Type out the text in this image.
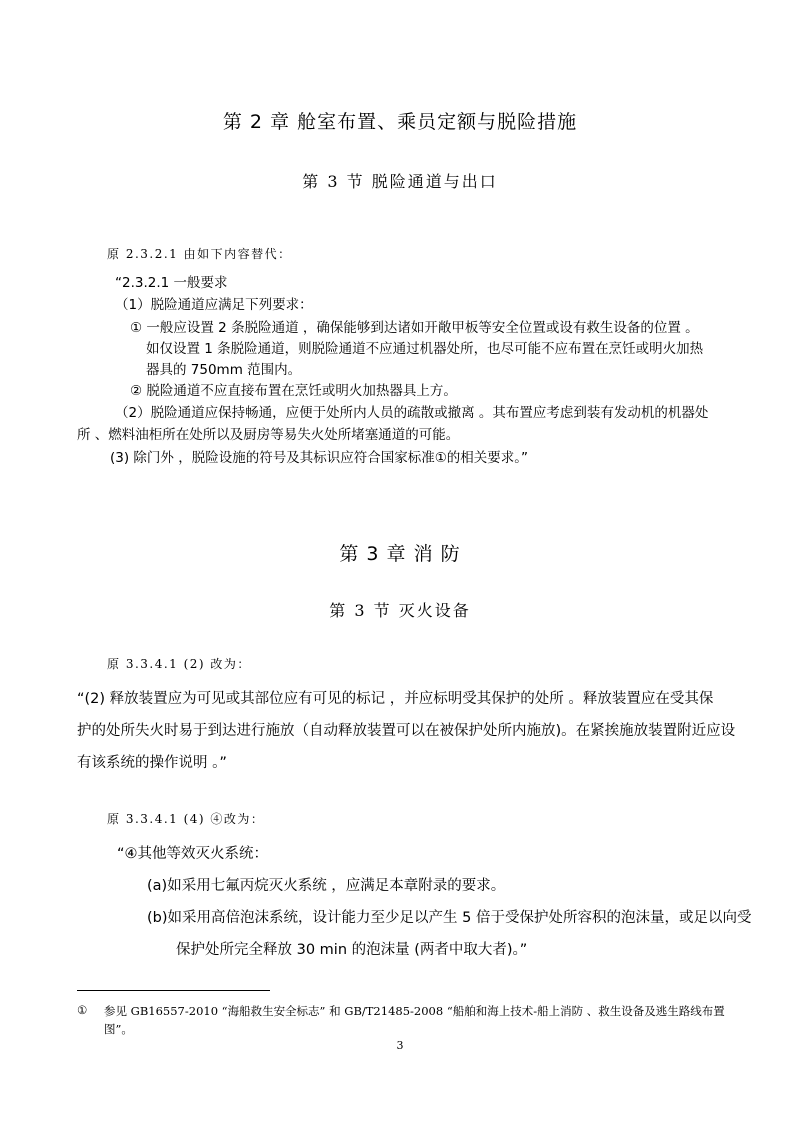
第 2 章 舱室布置、乘员定额与脱险措施
第 3 节 脱险通道与出口
原 2.3.2.1 由如下内容替代：
“2.3.2.1 一般要求
（1）脱险通道应满足下列要求：
① 一般应设置 2 条脱险通道 ，确保能够到达诸如开敞甲板等安全位置或设有救生设备的位置 。
如仅设置 1 条脱险通道，则脱险通道不应通过机器处所，也尽可能不应布置在烹饪或明火加热
器具的 750mm 范围内。
② 脱险通道不应直接布置在烹饪或明火加热器具上方。
（2）脱险通道应保持畅通，应便于处所内人员的疏散或撤离 。其布置应考虑到装有发动机的机器处
所 、燃料油柜所在处所以及厨房等易失火处所堵塞通道的可能。
(3) 除门外 ，脱险设施的符号及其标识应符合国家标准①的相关要求。”
第 3 章 消 防
第 3 节 灭火设备
原 3.3.4.1 (2) 改为：
“(2) 释放装置应为可见或其部位应有可见的标记 ，并应标明受其保护的处所 。释放装置应在受其保
护的处所失火时易于到达进行施放（自动释放装置可以在被保护处所内施放)。在紧挨施放装置附近应设
有该系统的操作说明 。”
原 3.3.4.1 (4) ④改为：
“④其他等效灭火系统：
(a)如采用七氟丙烷灭火系统 ，应满足本章附录的要求。
(b)如采用高倍泡沫系统，设计能力至少足以产生 5 倍于受保护处所容积的泡沫量，或足以向受
保护处所完全释放 30 min 的泡沫量 (两者中取大者)。”
① 参见 GB16557-2010 “海船救生安全标志” 和 GB/T21485-2008 “船舶和海上技术-船上消防 、救生设备及逃生路线布置
图”。
3
